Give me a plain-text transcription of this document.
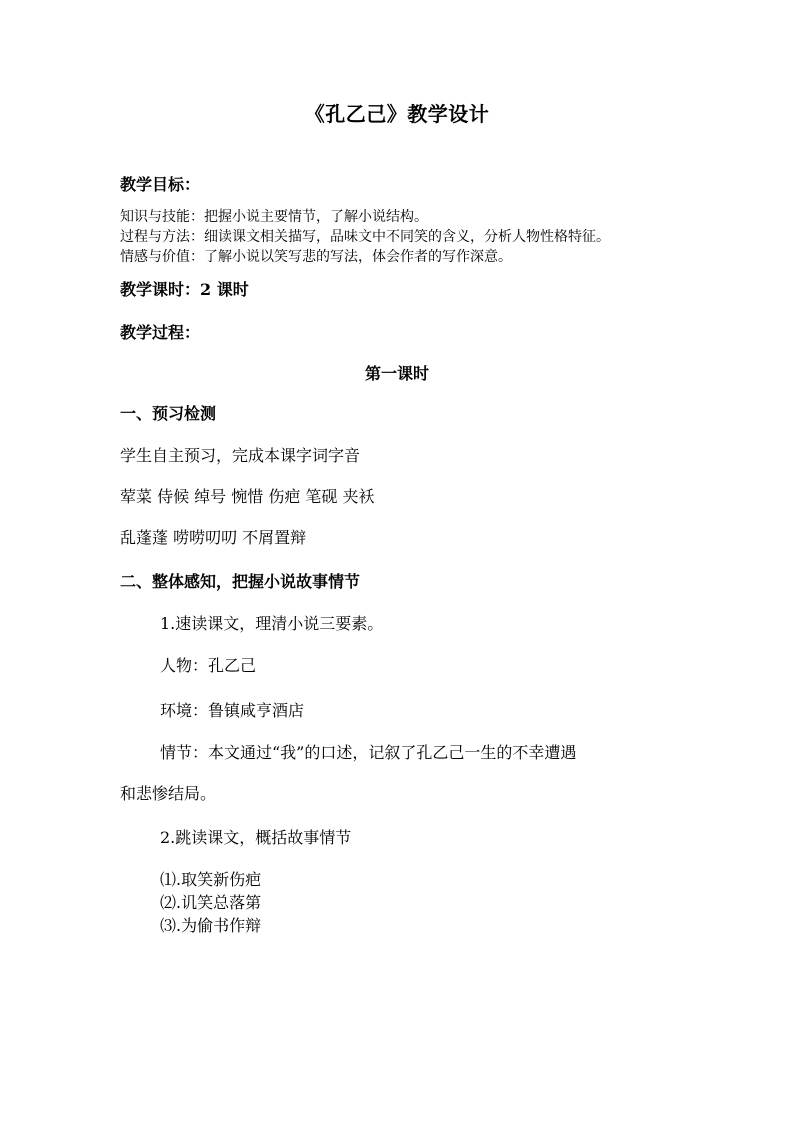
《孔乙己》教学设计
教学目标：
知识与技能：把握小说主要情节，了解小说结构。
过程与方法：细读课文相关描写，品味文中不同笑的含义，分析人物性格特征。
情感与价值：了解小说以笑写悲的写法，体会作者的写作深意。
教学课时：2 课时
教学过程：
第一课时
一、预习检测
学生自主预习，完成本课字词字音
荤菜 侍候 绰号 惋惜 伤疤 笔砚 夹袄
乱蓬蓬 唠唠叨叨 不屑置辩
二、整体感知，把握小说故事情节
1.速读课文，理清小说三要素。
人物：孔乙己
环境：鲁镇咸亨酒店
情节：本文通过“我”的口述，记叙了孔乙己一生的不幸遭遇
和悲惨结局。
2.跳读课文，概括故事情节
⑴.取笑新伤疤
⑵.讥笑总落第
⑶.为偷书作辩
